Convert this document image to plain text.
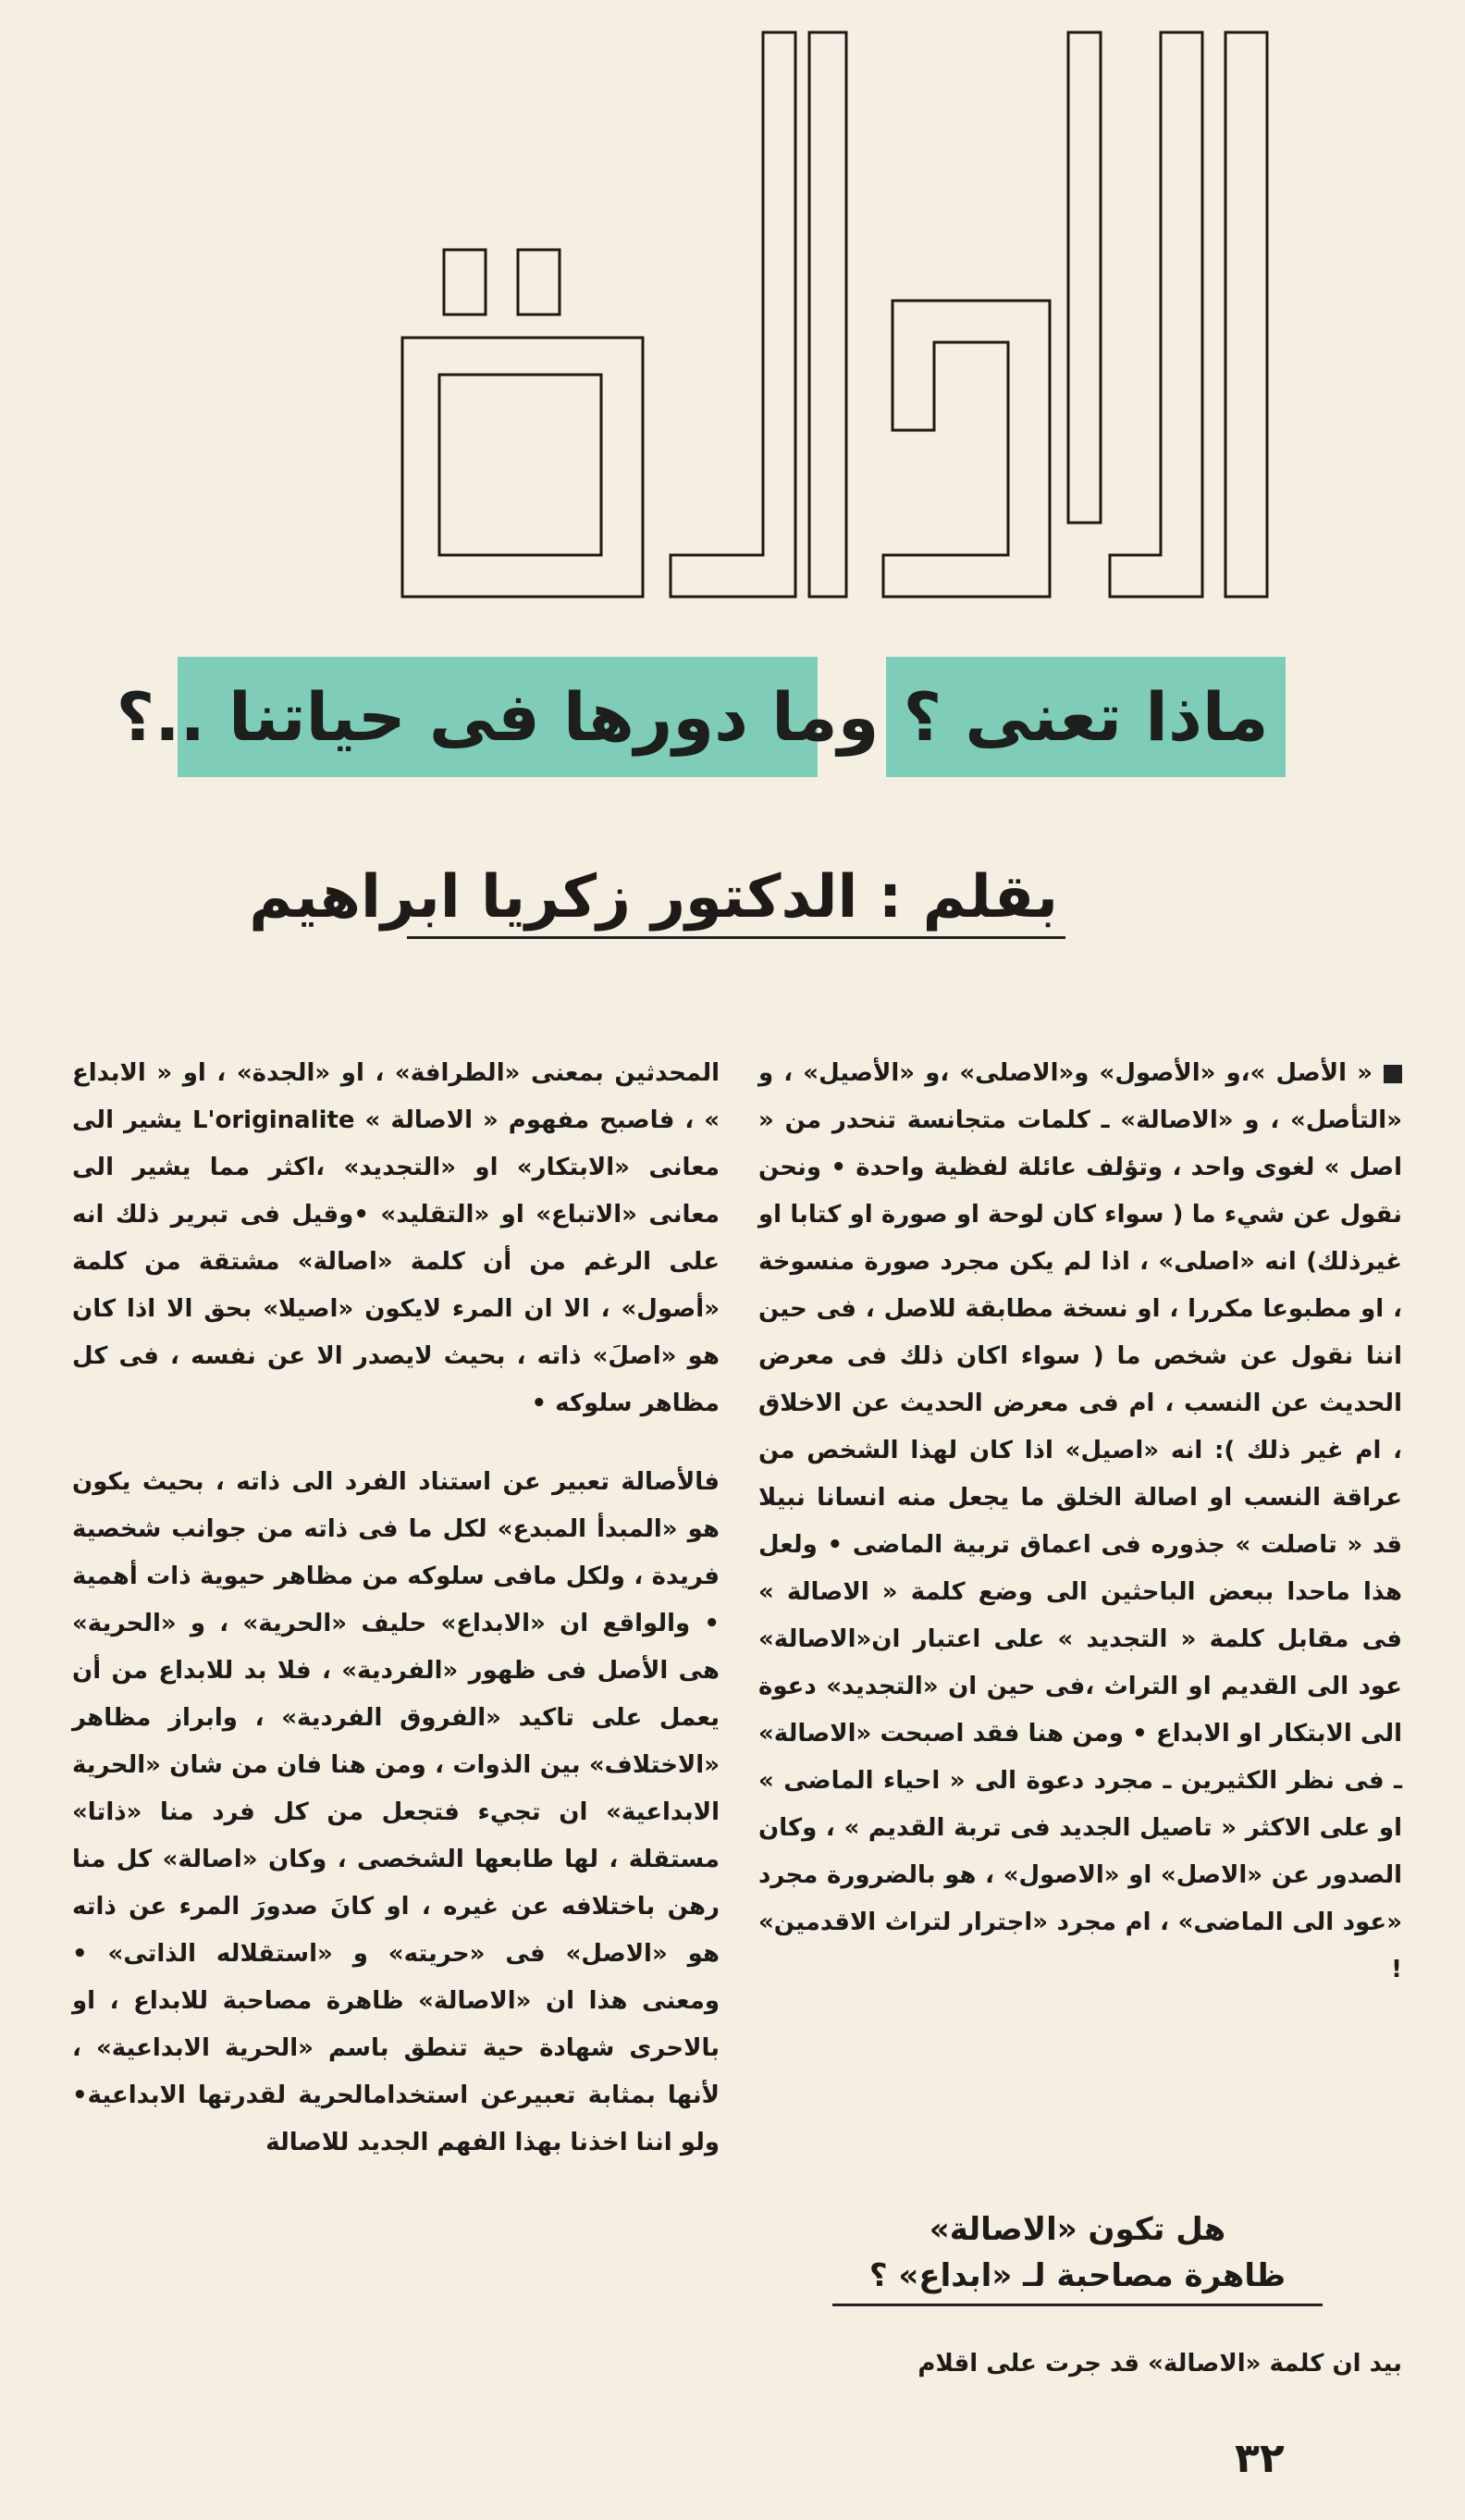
ماذا تعنى ؟
وما دورها فى حياتنا ..؟
بقلم : الدكتور زكريا ابراهيم

« الأصل »،و «الأصول» و«الاصلى» ،و «الأصيل» ، و «التأصل» ، و «الاصالة» ـ كلمات متجانسة تنحدر من « اصل » لغوى واحد ، وتؤلف عائلة لفظية واحدة • ونحن نقول عن شيء ما ( سواء كان لوحة او صورة او كتابا او غيرذلك) انه «اصلى» ، اذا لم يكن مجرد صورة منسوخة ، او مطبوعا مكررا ، او نسخة مطابقة للاصل ، فى حين اننا نقول عن شخص ما ( سواء اكان ذلك فى معرض الحديث عن النسب ، ام فى معرض الحديث عن الاخلاق ، ام غير ذلك ): انه «اصيل» اذا كان لهذا الشخص من عراقة النسب او اصالة الخلق ما يجعل منه انسانا نبيلا قد « تاصلت » جذوره فى اعماق تربية الماضى • ولعل هذا ماحدا ببعض الباحثين الى وضع كلمة « الاصالة » فى مقابل كلمة « التجديد » على اعتبار ان«الاصالة» عود الى القديم او التراث ،فى حين ان «التجديد» دعوة الى الابتكار او الابداع • ومن هنا فقد اصبحت «الاصالة» ـ فى نظر الكثيرين ـ مجرد دعوة الى « احياء الماضى » او على الاكثر « تاصيل الجديد فى تربة القديم » ، وكان الصدور عن «الاصل» او «الاصول» ، هو بالضرورة مجرد «عود الى الماضى» ، ام مجرد «اجترار لتراث الاقدمين» !

هل تكون «الاصالة»
ظاهرة مصاحبة لـ «ابداع» ؟
بيد ان كلمة «الاصالة» قد جرت على اقلام

المحدثين بمعنى «الطرافة» ، او «الجدة» ، او « الابداع » ، فاصبح مفهوم « الاصالة » L'originalite يشير الى معانى «الابتكار» او «التجديد» ،اكثر مما يشير الى معانى «الاتباع» او «التقليد» •وقيل فى تبرير ذلك انه على الرغم من أن كلمة «اصالة» مشتقة من كلمة «أصول» ، الا ان المرء لايكون «اصيلا» بحق الا اذا كان هو «اصلَ» ذاته ، بحيث لايصدر الا عن نفسه ، فى كل مظاهر سلوكه •

فالأصالة تعبير عن استناد الفرد الى ذاته ، بحيث يكون هو «المبدأ المبدع» لكل ما فى ذاته من جوانب شخصية فريدة ، ولكل مافى سلوكه من مظاهر حيوية ذات أهمية • والواقع ان «الابداع» حليف «الحرية» ، و «الحرية» هى الأصل فى ظهور «الفردية» ، فلا بد للابداع من أن يعمل على تاكيد «الفروق الفردية» ، وابراز مظاهر «الاختلاف» بين الذوات ، ومن هنا فان من شان «الحرية الابداعية» ان تجيء فتجعل من كل فرد منا «ذاتا» مستقلة ، لها طابعها الشخصى ، وكان «اصالة» كل منا رهن باختلافه عن غيره ، او كانَ صدورَ المرء عن ذاته هو «الاصل» فى «حريته» و «استقلاله الذاتى» • ومعنى هذا ان «الاصالة» ظاهرة مصاحبة للابداع ، او بالاحرى شهادة حية تنطق باسم «الحرية الابداعية» ، لأنها بمثابة تعبيرعن استخدامالحرية لقدرتها الابداعية• ولو اننا اخذنا بهذا الفهم الجديد للاصالة

٣٢
